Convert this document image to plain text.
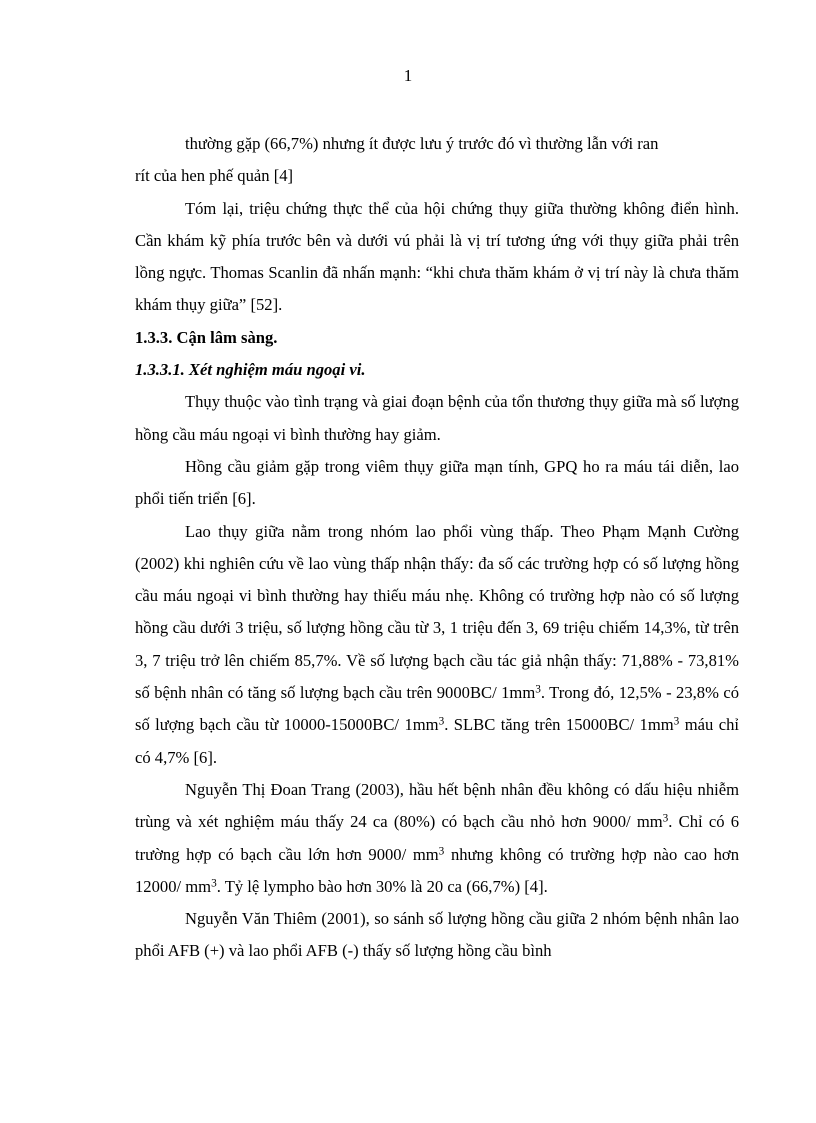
1

thường gặp (66,7%) nhưng ít được lưu ý trước đó vì thường lẫn với ran
rít của hen phế quản [4]

Tóm lại, triệu chứng thực thể của hội chứng thụy giữa thường không điển hình. Cần khám kỹ phía trước bên và dưới vú phải là vị trí tương ứng với thụy giữa phải trên lồng ngực. Thomas Scanlin đã nhấn mạnh: “khi chưa thăm khám ở vị trí này là chưa thăm khám thụy giữa” [52].

1.3.3. Cận lâm sàng.

1.3.3.1. Xét nghiệm máu ngoại vi.

Thụy thuộc vào tình trạng và giai đoạn bệnh của tổn thương thụy giữa mà số lượng hồng cầu máu ngoại vi bình thường hay giảm.

Hồng cầu giảm gặp trong viêm thụy giữa mạn tính, GPQ ho ra máu tái diễn, lao phổi tiến triển [6].

Lao thụy giữa nằm trong nhóm lao phổi vùng thấp. Theo Phạm Mạnh Cường (2002) khi nghiên cứu về lao vùng thấp nhận thấy: đa số các trường hợp có số lượng hồng cầu máu ngoại vi bình thường hay thiếu máu nhẹ. Không có trường hợp nào có số lượng hồng cầu dưới 3 triệu, số lượng hồng cầu từ 3, 1 triệu đến 3, 69 triệu chiếm 14,3%, từ trên 3, 7 triệu trở lên chiếm 85,7%. Về số lượng bạch cầu tác giả nhận thấy: 71,88% - 73,81% số bệnh nhân có tăng số lượng bạch cầu trên 9000BC/ $1mm^3$. Trong đó, 12,5% - 23,8% có số lượng bạch cầu từ 10000-15000BC/ $1mm^3$. SLBC tăng trên 15000BC/ $1mm^3$ máu chỉ có 4,7% [6].

Nguyễn Thị Đoan Trang (2003), hầu hết bệnh nhân đều không có dấu hiệu nhiễm trùng và xét nghiệm máu thấy 24 ca (80%) có bạch cầu nhỏ hơn 9000/ $mm^3$. Chỉ có 6 trường hợp có bạch cầu lớn hơn 9000/ $mm^3$ nhưng không có trường hợp nào cao hơn 12000/ $mm^3$. Tỷ lệ lympho bào hơn 30% là 20 ca (66,7%) [4].

Nguyễn Văn Thiêm (2001), so sánh số lượng hồng cầu giữa 2 nhóm bệnh nhân lao phổi AFB (+) và lao phổi AFB (-) thấy số lượng hồng cầu bình
